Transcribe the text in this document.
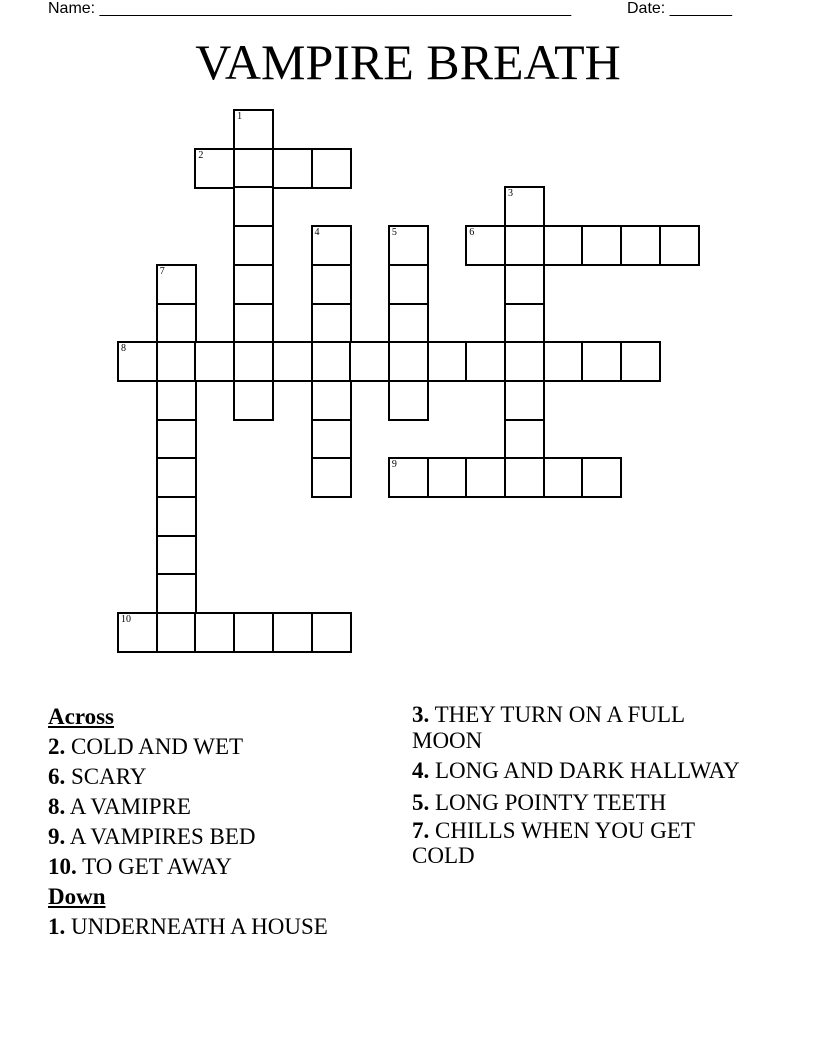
Name: _____________________________________________________	Date: _______
VAMPIRE BREATH
1
2
3
4	5	6
7
8
9
10
Across
2. COLD AND WET
6. SCARY
8. A VAMIPRE
9. A VAMPIRES BED
10. TO GET AWAY
Down
1. UNDERNEATH A HOUSE
3. THEY TURN ON A FULL MOON
4. LONG AND DARK HALLWAY
5. LONG POINTY TEETH
7. CHILLS WHEN YOU GET COLD
